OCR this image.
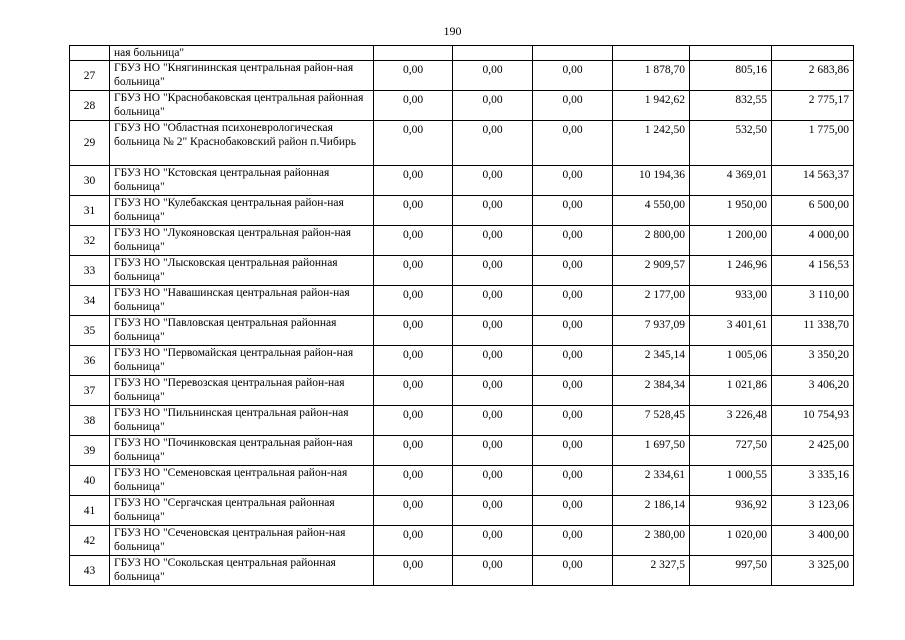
190
	ная больница"						
27	ГБУЗ НО "Княгининская центральная район-ная больница"	0,00	0,00	0,00	1 878,70	805,16	2 683,86
28	ГБУЗ НО "Краснобаковская центральная районная больница"	0,00	0,00	0,00	1 942,62	832,55	2 775,17
29	ГБУЗ НО "Областная психоневрологическая больница № 2" Краснобаковский район п.Чибирь	0,00	0,00	0,00	1 242,50	532,50	1 775,00
30	ГБУЗ НО "Кстовская центральная районная больница"	0,00	0,00	0,00	10 194,36	4 369,01	14 563,37
31	ГБУЗ НО "Кулебакская центральная район-ная больница"	0,00	0,00	0,00	4 550,00	1 950,00	6 500,00
32	ГБУЗ НО "Лукояновская центральная район-ная больница"	0,00	0,00	0,00	2 800,00	1 200,00	4 000,00
33	ГБУЗ НО "Лысковская центральная районная больница"	0,00	0,00	0,00	2 909,57	1 246,96	4 156,53
34	ГБУЗ НО "Навашинская центральная район-ная больница"	0,00	0,00	0,00	2 177,00	933,00	3 110,00
35	ГБУЗ НО "Павловская центральная районная больница"	0,00	0,00	0,00	7 937,09	3 401,61	11 338,70
36	ГБУЗ НО "Первомайская центральная район-ная больница"	0,00	0,00	0,00	2 345,14	1 005,06	3 350,20
37	ГБУЗ НО "Перевозская центральная район-ная больница"	0,00	0,00	0,00	2 384,34	1 021,86	3 406,20
38	ГБУЗ НО "Пильнинская центральная район-ная больница"	0,00	0,00	0,00	7 528,45	3 226,48	10 754,93
39	ГБУЗ НО "Починковская центральная район-ная больница"	0,00	0,00	0,00	1 697,50	727,50	2 425,00
40	ГБУЗ НО "Семеновская центральная район-ная больница"	0,00	0,00	0,00	2 334,61	1 000,55	3 335,16
41	ГБУЗ НО "Сергачская центральная районная больница"	0,00	0,00	0,00	2 186,14	936,92	3 123,06
42	ГБУЗ НО "Сеченовская центральная район-ная больница"	0,00	0,00	0,00	2 380,00	1 020,00	3 400,00
43	ГБУЗ НО "Сокольская центральная районная больница"	0,00	0,00	0,00	2 327,5	997,50	3 325,00
